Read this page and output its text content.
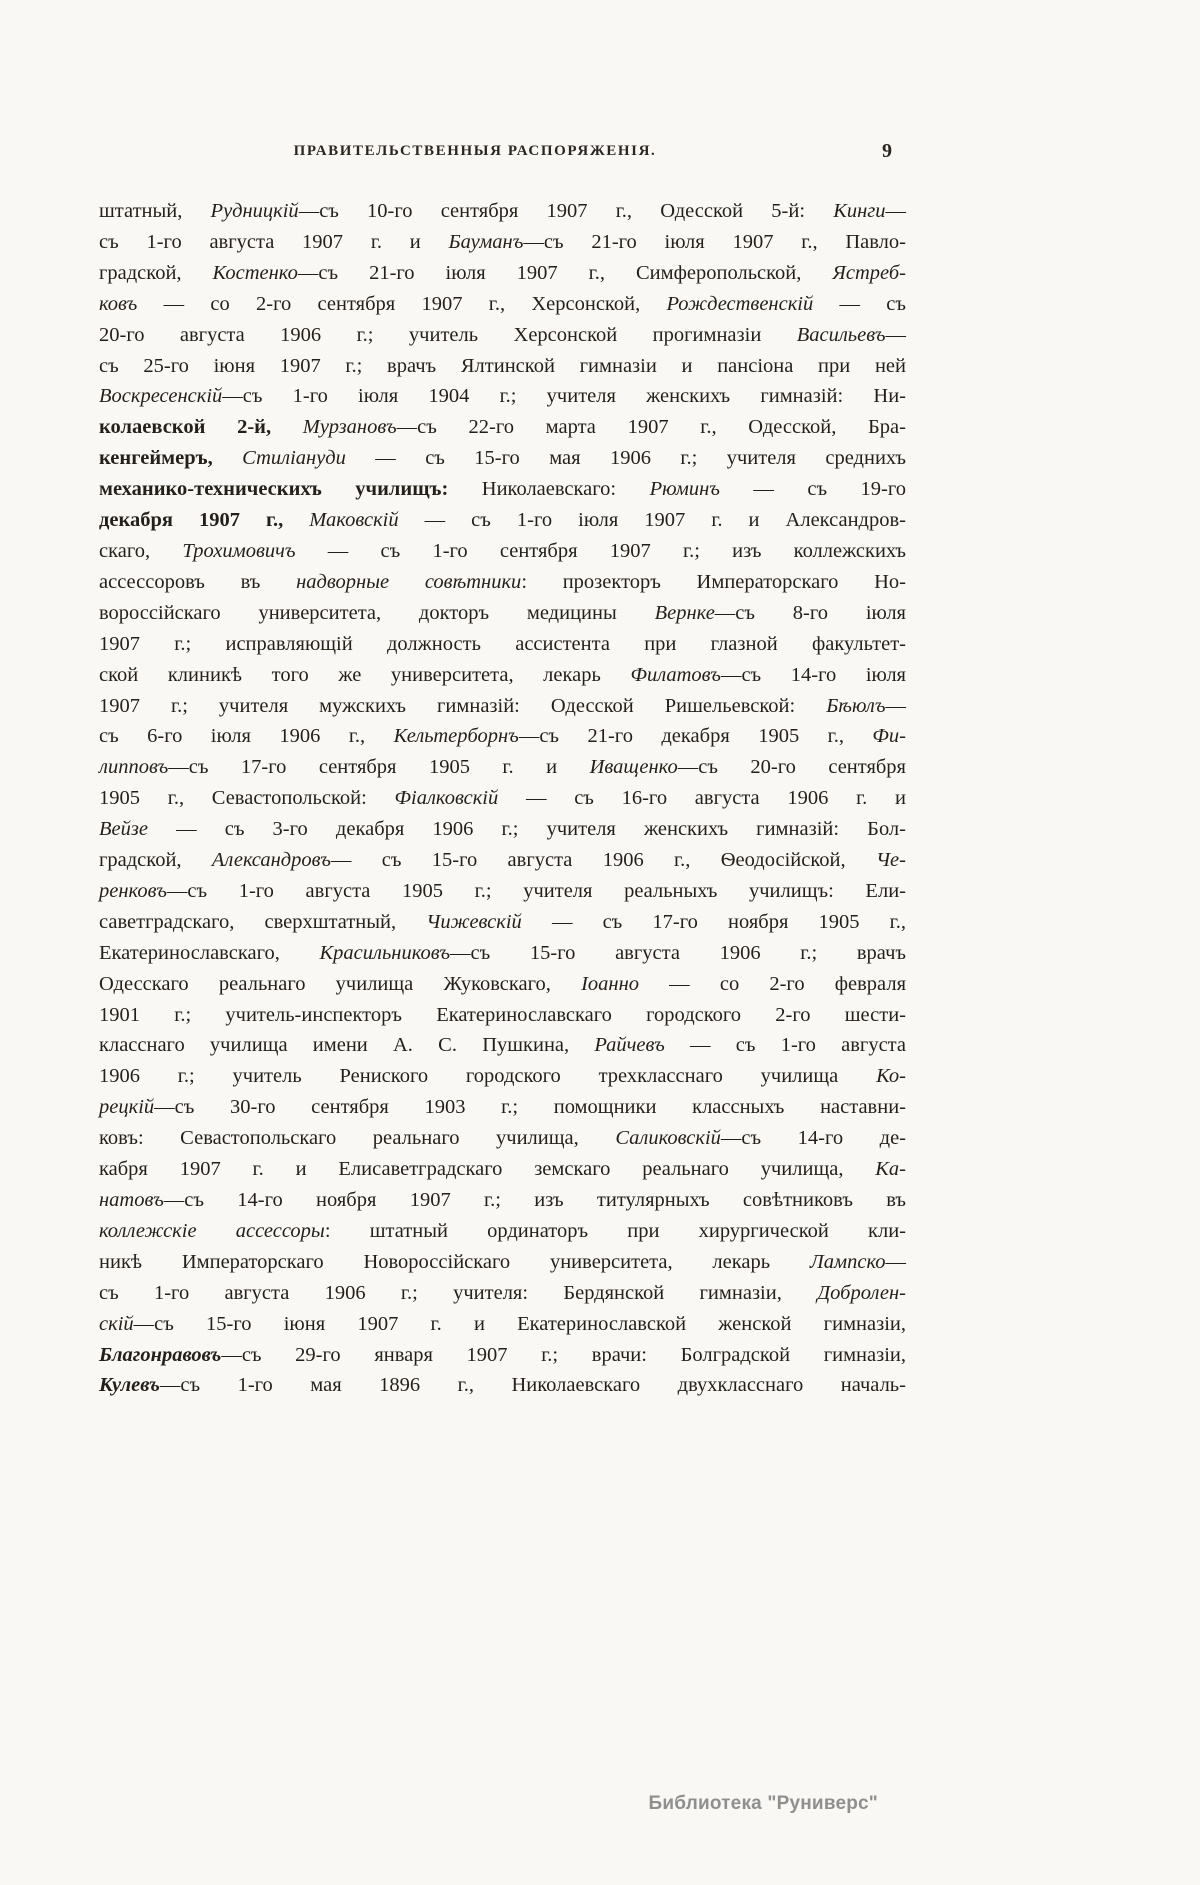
ПРАВИТЕЛЬСТВЕННЫЯ РАСПОРЯЖЕНІЯ.	9
штатный, Рудницкій—съ 10-го сентября 1907 г., Одесской 5-й: Кинги—
съ 1-го августа 1907 г. и Бауманъ—съ 21-го іюля 1907 г., Павло-
градской, Костенко—съ 21-го іюля 1907 г., Симферопольской, Ястреб-
ковъ — со 2-го сентября 1907 г., Херсонской, Рождественскій — съ
20-го августа 1906 г.; учитель Херсонской прогимназіи Васильевъ—
съ 25-го іюня 1907 г.; врачъ Ялтинской гимназіи и пансіона при ней
Воскресенскій—съ 1-го іюля 1904 г.; учителя женскихъ гимназій: Ни-
колаевской 2-й, Мурзановъ—съ 22-го марта 1907 г., Одесской, Бра-
кенгеймеръ, Стиліануди — съ 15-го мая 1906 г.; учителя среднихъ
механико-техническихъ училищъ: Николаевскаго: Рюминъ — съ 19-го
декабря 1907 г., Маковскій — съ 1-го іюля 1907 г. и Александров-
скаго, Трохимовичъ — съ 1-го сентября 1907 г.; изъ коллежскихъ
ассессоровъ въ надворные совѣтники: прозекторъ Императорскаго Но-
вороссійскаго университета, докторъ медицины Вернке—съ 8-го іюля
1907 г.; исправляющій должность ассистента при глазной факультет-
ской клиникѣ того же университета, лекарь Филатовъ—съ 14-го іюля
1907 г.; учителя мужскихъ гимназій: Одесской Ришельевской: Бѣюлъ—
съ 6-го іюля 1906 г., Кельтерборнъ—съ 21-го декабря 1905 г., Фи-
липповъ—съ 17-го сентября 1905 г. и Иващенко—съ 20-го сентября
1905 г., Севастопольской: Фіалковскій — съ 16-го августа 1906 г. и
Вейзе — съ 3-го декабря 1906 г.; учителя женскихъ гимназій: Бол-
градской, Александровъ— съ 15-го августа 1906 г., Ѳеодосійской, Че-
ренковъ—съ 1-го августа 1905 г.; учителя реальныхъ училищъ: Ели-
саветградскаго, сверхштатный, Чижевскій — съ 17-го ноября 1905 г.,
Екатеринославскаго, Красильниковъ—съ 15-го августа 1906 г.; врачъ
Одесскаго реальнаго училища Жуковскаго, Іоанно — со 2-го февраля
1901 г.; учитель-инспекторъ Екатеринославскаго городского 2-го шести-
класснаго училища имени А. С. Пушкина, Райчевъ — съ 1-го августа
1906 г.; учитель Рениского городского трехкласснаго училища Ко-
рецкій—съ 30-го сентября 1903 г.; помощники классныхъ наставни-
ковъ: Севастопольскаго реальнаго училища, Саликовскій—съ 14-го де-
кабря 1907 г. и Елисаветградскаго земскаго реальнаго училища, Ка-
натовъ—съ 14-го ноября 1907 г.; изъ титулярныхъ совѣтниковъ въ
коллежскіе ассессоры: штатный ординаторъ при хирургической кли-
никѣ Императорскаго Новороссійскаго университета, лекарь Лампско—
съ 1-го августа 1906 г.; учителя: Бердянской гимназіи, Добролен-
скій—съ 15-го іюня 1907 г. и Екатеринославской женской гимназіи,
Благонравовъ—съ 29-го января 1907 г.; врачи: Болградской гимназіи,
Кулевъ—съ 1-го мая 1896 г., Николаевскаго двухкласснаго началь-
Библиотека "Руниверс"
